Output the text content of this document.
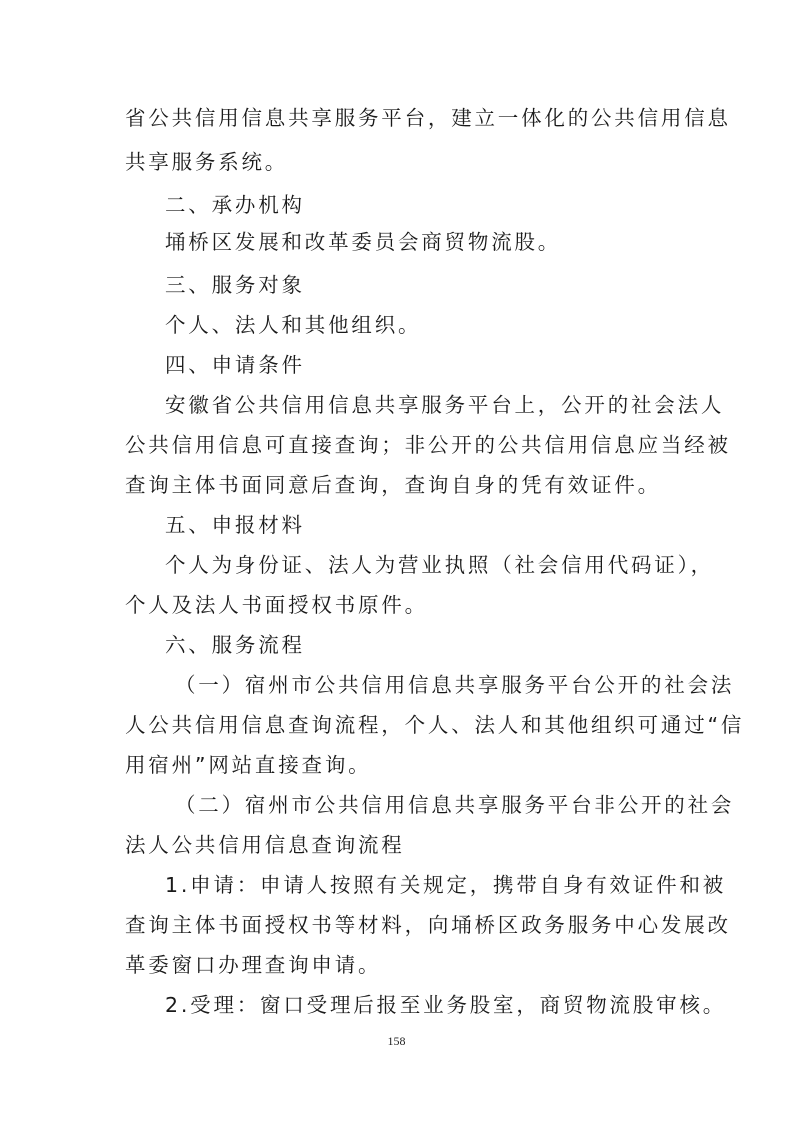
省公共信用信息共享服务平台，建立一体化的公共信用信息
共享服务系统。
二、承办机构
埇桥区发展和改革委员会商贸物流股。
三、服务对象
个人、法人和其他组织。
四、申请条件
安徽省公共信用信息共享服务平台上，公开的社会法人
公共信用信息可直接查询；非公开的公共信用信息应当经被
查询主体书面同意后查询，查询自身的凭有效证件。
五、申报材料
个人为身份证、法人为营业执照（社会信用代码证），
个人及法人书面授权书原件。
六、服务流程
（一）宿州市公共信用信息共享服务平台公开的社会法
人公共信用信息查询流程，个人、法人和其他组织可通过“信
用宿州”网站直接查询。
（二）宿州市公共信用信息共享服务平台非公开的社会
法人公共信用信息查询流程
1.申请：申请人按照有关规定，携带自身有效证件和被
查询主体书面授权书等材料，向埇桥区政务服务中心发展改
革委窗口办理查询申请。
2.受理：窗口受理后报至业务股室，商贸物流股审核。
158
